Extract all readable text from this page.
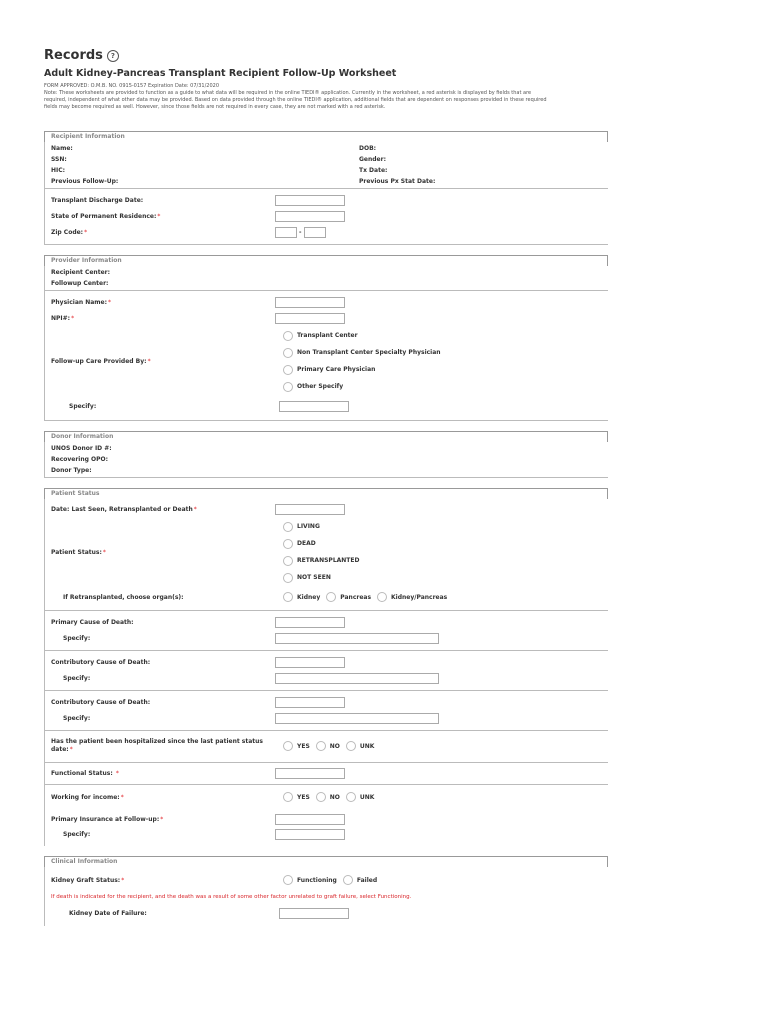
Records	?
Adult Kidney-Pancreas Transplant Recipient Follow-Up Worksheet
FORM APPROVED: O.M.B. NO. 0915-0157 Expiration Date: 07/31/2020
Note: These worksheets are provided to function as a guide to what data will be required in the online TIEDI® application. Currently in the worksheet, a red asterisk is displayed by fields that are
required, independent of what other data may be provided. Based on data provided through the online TIEDI® application, additional fields that are dependent on responses provided in these required
fields may become required as well. However, since those fields are not required in every case, they are not marked with a red asterisk.
Recipient Information
Name:	DOB:
SSN:	Gender:
HIC:	Tx Date:
Previous Follow-Up:	Previous Px Stat Date:
Transplant Discharge Date:
State of Permanent Residence:*
Zip Code:*	-
Provider Information
Recipient Center:
Followup Center:
Physician Name:*
NPI#:*
Follow-up Care Provided By:*
Transplant Center
Non Transplant Center Specialty Physician
Primary Care Physician
Other Specify
Specify:
Donor Information
UNOS Donor ID #:
Recovering OPO:
Donor Type:
Patient Status
Date: Last Seen, Retransplanted or Death*
Patient Status:*
LIVING
DEAD
RETRANSPLANTED
NOT SEEN
If Retransplanted, choose organ(s):	Kidney	Pancreas	Kidney/Pancreas
Primary Cause of Death:
Specify:
Contributory Cause of Death:
Specify:
Contributory Cause of Death:
Specify:
Has the patient been hospitalized since the last patient status
date:*	YES	NO	UNK
Functional Status: *
Working for income:*	YES	NO	UNK
Primary Insurance at Follow-up:*
Specify:
Clinical Information
Kidney Graft Status:*	Functioning	Failed
If death is indicated for the recipient, and the death was a result of some other factor unrelated to graft failure, select Functioning.
Kidney Date of Failure:
